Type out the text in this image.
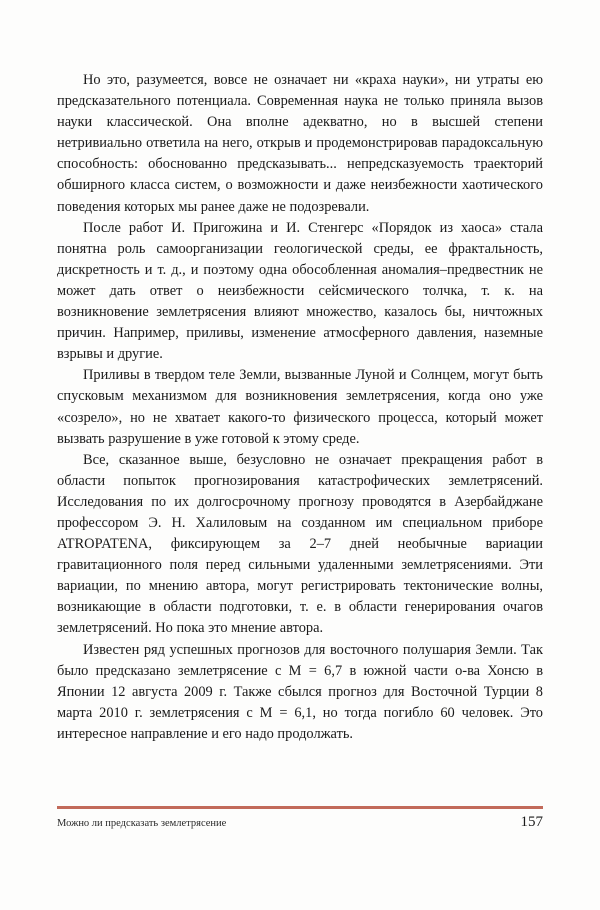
Но это, разумеется, вовсе не означает ни «краха науки», ни утраты ею предсказательного потенциала. Современная наука не только приняла вызов науки классической. Она вполне адекватно, но в высшей степени нетривиально ответила на него, открыв и продемонстрировав парадоксальную способность: обоснованно предсказывать... непредсказуемость траекторий обширного класса систем, о возможности и даже неизбежности хаотического поведения которых мы ранее даже не подозревали.

После работ И. Пригожина и И. Стенгерс «Порядок из хаоса» стала понятна роль самоорганизации геологической среды, ее фрактальность, дискретность и т. д., и поэтому одна обособленная аномалия–предвестник не может дать ответ о неизбежности сейсмического толчка, т. к. на возникновение землетрясения влияют множество, казалось бы, ничтожных причин. Например, приливы, изменение атмосферного давления, наземные взрывы и другие.

Приливы в твердом теле Земли, вызванные Луной и Солнцем, могут быть спусковым механизмом для возникновения землетрясения, когда оно уже «созрело», но не хватает какого-то физического процесса, который может вызвать разрушение в уже готовой к этому среде.

Все, сказанное выше, безусловно не означает прекращения работ в области попыток прогнозирования катастрофических землетрясений. Исследования по их долгосрочному прогнозу проводятся в Азербайджане профессором Э. Н. Халиловым на созданном им специальном приборе ATROPATENA, фиксирующем за 2–7 дней необычные вариации гравитационного поля перед сильными удаленными землетрясениями. Эти вариации, по мнению автора, могут регистрировать тектонические волны, возникающие в области подготовки, т. е. в области генерирования очагов землетрясений. Но пока это мнение автора.

Известен ряд успешных прогнозов для восточного полушария Земли. Так было предсказано землетрясение с M = 6,7 в южной части о-ва Хонсю в Японии 12 августа 2009 г. Также сбылся прогноз для Восточной Турции 8 марта 2010 г. землетрясения с M = 6,1, но тогда погибло 60 человек. Это интересное направление и его надо продолжать.

Можно ли предсказать землетрясение	157
